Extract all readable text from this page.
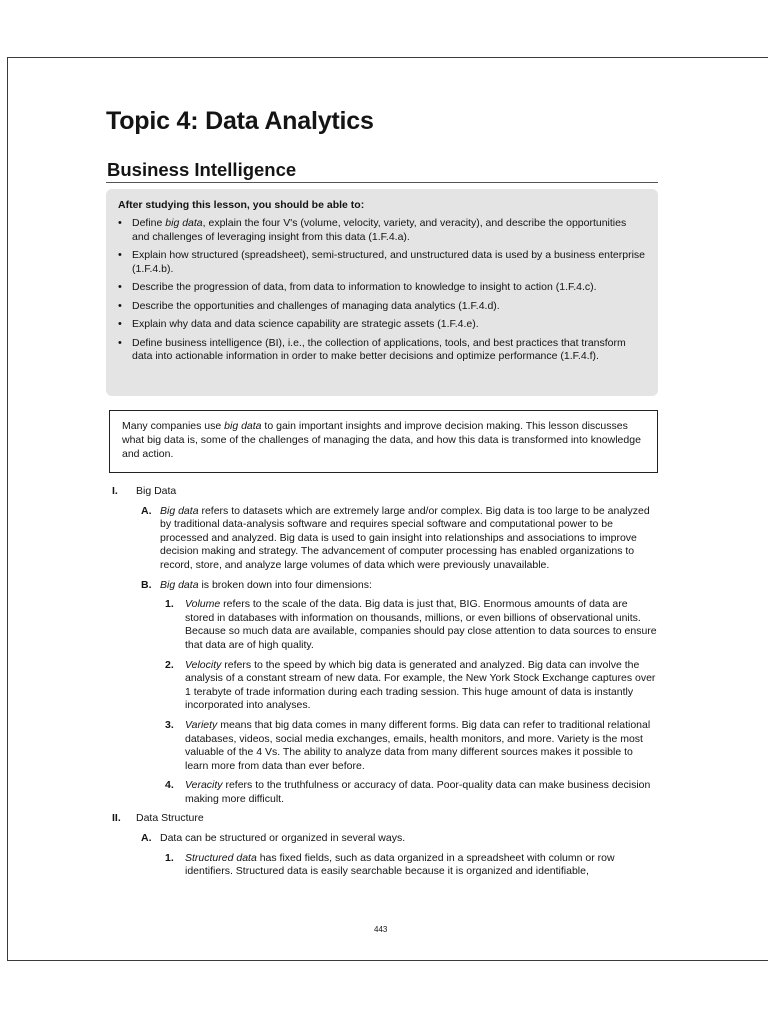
Topic 4: Data Analytics
Business Intelligence

After studying this lesson, you should be able to:

• Define big data, explain the four V's (volume, velocity, variety, and veracity), and describe the opportunities and challenges of leveraging insight from this data (1.F.4.a).
• Explain how structured (spreadsheet), semi-structured, and unstructured data is used by a business enterprise (1.F.4.b).
• Describe the progression of data, from data to information to knowledge to insight to action (1.F.4.c).
• Describe the opportunities and challenges of managing data analytics (1.F.4.d).
• Explain why data and data science capability are strategic assets (1.F.4.e).
• Define business intelligence (BI), i.e., the collection of applications, tools, and best practices that transform data into actionable information in order to make better decisions and optimize performance (1.F.4.f).
Many companies use big data to gain important insights and improve decision making. This lesson discusses what big data is, some of the challenges of managing the data, and how this data is transformed into knowledge and action.
I. Big Data
A. Big data refers to datasets which are extremely large and/or complex. Big data is too large to be analyzed by traditional data-analysis software and requires special software and computational power to be processed and analyzed. Big data is used to gain insight into relationships and associations to improve decision making and strategy. The advancement of computer processing has enabled organizations to record, store, and analyze large volumes of data which were previously unavailable.
B. Big data is broken down into four dimensions:
1. Volume refers to the scale of the data. Big data is just that, BIG. Enormous amounts of data are stored in databases with information on thousands, millions, or even billions of observational units. Because so much data are available, companies should pay close attention to data sources to ensure that data are of high quality.
2. Velocity refers to the speed by which big data is generated and analyzed. Big data can involve the analysis of a constant stream of new data. For example, the New York Stock Exchange captures over 1 terabyte of trade information during each trading session. This huge amount of data is instantly incorporated into analyses.
3. Variety means that big data comes in many different forms. Big data can refer to traditional relational databases, videos, social media exchanges, emails, health monitors, and more. Variety is the most valuable of the 4 Vs. The ability to analyze data from many different sources makes it possible to learn more from data than ever before.
4. Veracity refers to the truthfulness or accuracy of data. Poor-quality data can make business decision making more difficult.
II. Data Structure
A. Data can be structured or organized in several ways.
1. Structured data has fixed fields, such as data organized in a spreadsheet with column or row identifiers. Structured data is easily searchable because it is organized and identifiable,
443
